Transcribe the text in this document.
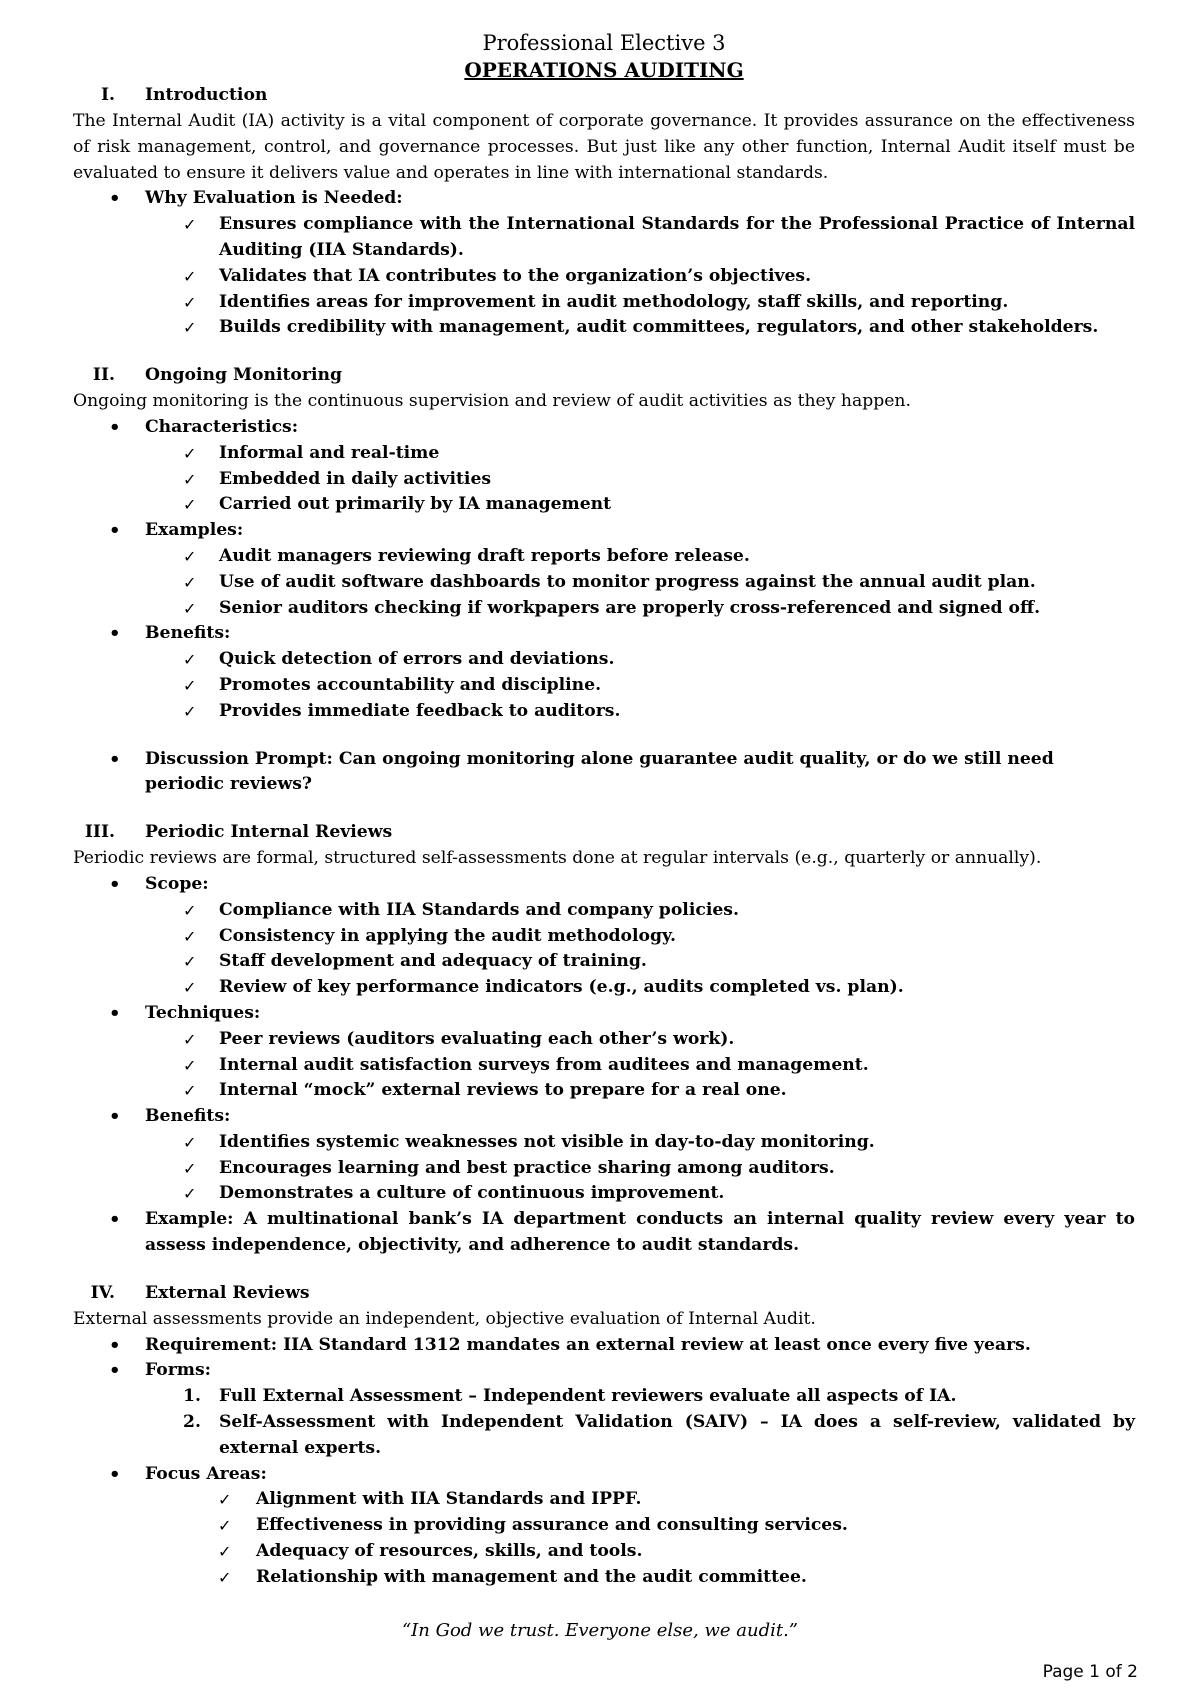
Professional Elective 3
OPERATIONS AUDITING
I. Introduction
The Internal Audit (IA) activity is a vital component of corporate governance. It provides assurance on the effectiveness of risk management, control, and governance processes. But just like any other function, Internal Audit itself must be evaluated to ensure it delivers value and operates in line with international standards.
• Why Evaluation is Needed:
✓ Ensures compliance with the International Standards for the Professional Practice of Internal Auditing (IIA Standards).
✓ Validates that IA contributes to the organization’s objectives.
✓ Identifies areas for improvement in audit methodology, staff skills, and reporting.
✓ Builds credibility with management, audit committees, regulators, and other stakeholders.
II. Ongoing Monitoring
Ongoing monitoring is the continuous supervision and review of audit activities as they happen.
• Characteristics:
✓ Informal and real-time
✓ Embedded in daily activities
✓ Carried out primarily by IA management
• Examples:
✓ Audit managers reviewing draft reports before release.
✓ Use of audit software dashboards to monitor progress against the annual audit plan.
✓ Senior auditors checking if workpapers are properly cross-referenced and signed off.
• Benefits:
✓ Quick detection of errors and deviations.
✓ Promotes accountability and discipline.
✓ Provides immediate feedback to auditors.
• Discussion Prompt: Can ongoing monitoring alone guarantee audit quality, or do we still need periodic reviews?
III. Periodic Internal Reviews
Periodic reviews are formal, structured self-assessments done at regular intervals (e.g., quarterly or annually).
• Scope:
✓ Compliance with IIA Standards and company policies.
✓ Consistency in applying the audit methodology.
✓ Staff development and adequacy of training.
✓ Review of key performance indicators (e.g., audits completed vs. plan).
• Techniques:
✓ Peer reviews (auditors evaluating each other’s work).
✓ Internal audit satisfaction surveys from auditees and management.
✓ Internal “mock” external reviews to prepare for a real one.
• Benefits:
✓ Identifies systemic weaknesses not visible in day-to-day monitoring.
✓ Encourages learning and best practice sharing among auditors.
✓ Demonstrates a culture of continuous improvement.
• Example: A multinational bank’s IA department conducts an internal quality review every year to assess independence, objectivity, and adherence to audit standards.
IV. External Reviews
External assessments provide an independent, objective evaluation of Internal Audit.
• Requirement: IIA Standard 1312 mandates an external review at least once every five years.
• Forms:
1. Full External Assessment – Independent reviewers evaluate all aspects of IA.
2. Self-Assessment with Independent Validation (SAIV) – IA does a self-review, validated by external experts.
• Focus Areas:
✓ Alignment with IIA Standards and IPPF.
✓ Effectiveness in providing assurance and consulting services.
✓ Adequacy of resources, skills, and tools.
✓ Relationship with management and the audit committee.
“In God we trust. Everyone else, we audit.”
Page 1 of 2
